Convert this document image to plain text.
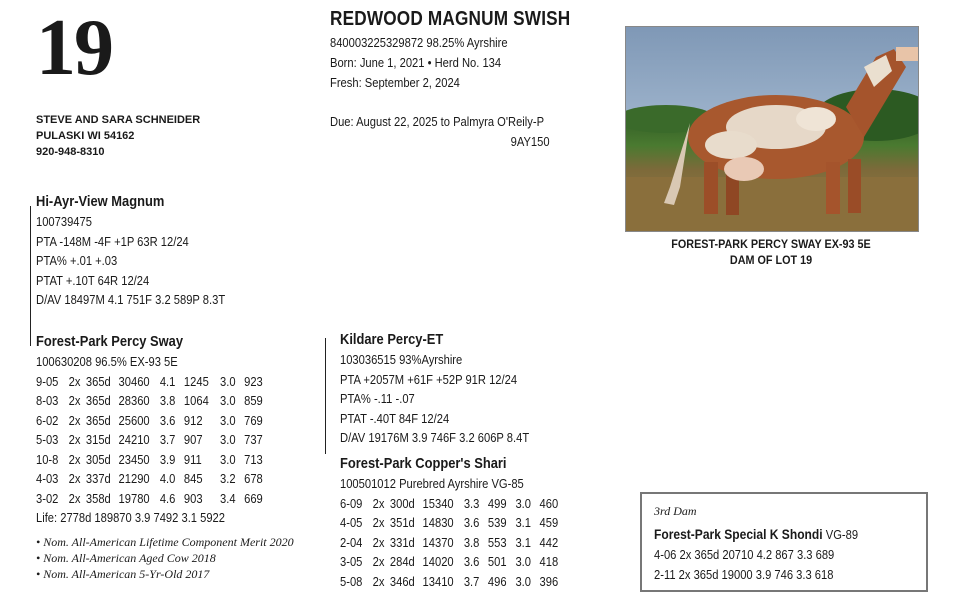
19
STEVE AND SARA SCHNEIDER
PULASKI WI 54162
920-948-8310
REDWOOD MAGNUM SWISH
840003225329872 98.25% Ayrshire
Born: June 1, 2021 • Herd No. 134
Fresh: September 2, 2024
Due: August 22, 2025 to Palmyra O'Reily-P
9AY150
Hi-Ayr-View Magnum
100739475
PTA -148M -4F +1P 63R 12/24
PTA% +.01 +.03
PTAT +.10T 64R 12/24
D/AV 18497M 4.1 751F 3.2 589P 8.3T
Forest-Park Percy Sway
100630208 96.5% EX-93 5E
9-05 2x 365d 30460 4.1 1245 3.0 923
8-03 2x 365d 28360 3.8 1064 3.0 859
6-02 2x 365d 25600 3.6 912	3.0 769
5-03 2x 315d 24210 3.7 907	3.0 737
10-8 2x 305d 23450 3.9 911	3.0 713
4-03 2x 337d 21290 4.0 845	3.2 678
3-02 2x 358d 19780 4.6 903	3.4 669
Life: 2778d 189870 3.9 7492 3.1 5922
• Nom. All-American Lifetime Component Merit 2020
• Nom. All-American Aged Cow 2018
• Nom. All-American 5-Yr-Old 2017
Kildare Percy-ET
103036515 93%Ayrshire
PTA +2057M +61F +52P 91R 12/24
PTA% -.11 -.07
PTAT -.40T 84F 12/24
D/AV 19176M 3.9 746F 3.2 606P 8.4T
Forest-Park Copper's Shari
100501012 Purebred Ayrshire VG-85
6-09 2x 300d 15340 3.3 499 3.0 460
4-05 2x 351d 14830 3.6 539 3.1 459
2-04 2x 331d 14370 3.8 553 3.1 442
3-05 2x 284d 14020 3.6 501 3.0 418
5-08 2x 346d 13410 3.7 496 3.0 396
FOREST-PARK PERCY SWAY EX-93 5E
DAM OF LOT 19
3rd Dam
Forest-Park Special K Shondi VG-89
4-06 2x 365d 20710 4.2 867 3.3 689
2-11 2x 365d 19000 3.9 746 3.3 618
